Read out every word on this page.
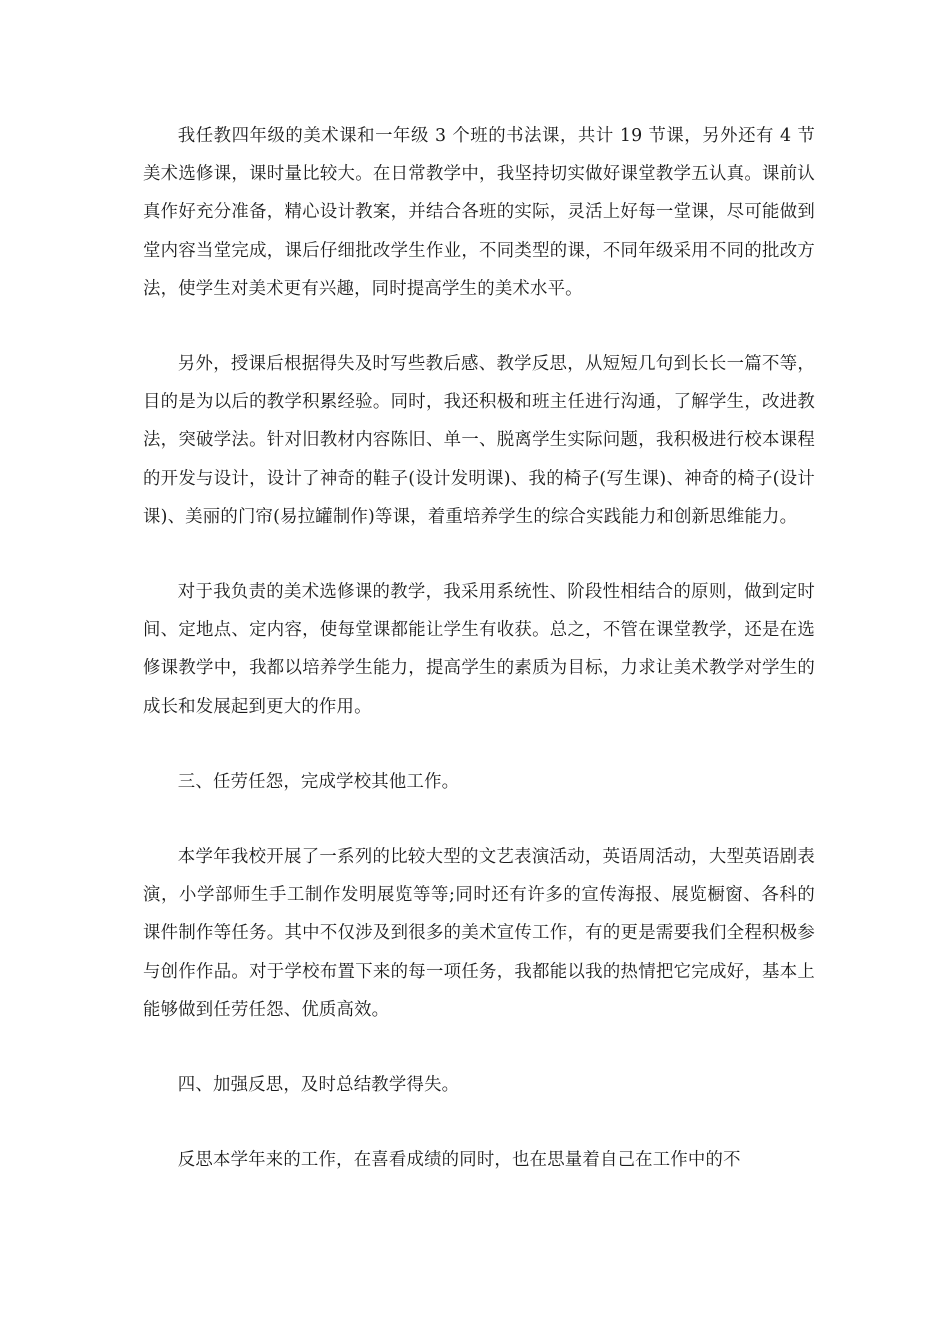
我任教四年级的美术课和一年级 3 个班的书法课，共计 19 节课，另外还有 4 节美术选修课，课时量比较大。在日常教学中，我坚持切实做好课堂教学五认真。课前认真作好充分准备，精心设计教案，并结合各班的实际，灵活上好每一堂课，尽可能做到堂内容当堂完成，课后仔细批改学生作业，不同类型的课，不同年级采用不同的批改方法，使学生对美术更有兴趣，同时提高学生的美术水平。

另外，授课后根据得失及时写些教后感、教学反思，从短短几句到长长一篇不等，目的是为以后的教学积累经验。同时，我还积极和班主任进行沟通，了解学生，改进教法，突破学法。针对旧教材内容陈旧、单一、脱离学生实际问题，我积极进行校本课程的开发与设计，设计了神奇的鞋子(设计发明课)、我的椅子(写生课)、神奇的椅子(设计课)、美丽的门帘(易拉罐制作)等课，着重培养学生的综合实践能力和创新思维能力。

对于我负责的美术选修课的教学，我采用系统性、阶段性相结合的原则，做到定时间、定地点、定内容，使每堂课都能让学生有收获。总之，不管在课堂教学，还是在选修课教学中，我都以培养学生能力，提高学生的素质为目标，力求让美术教学对学生的成长和发展起到更大的作用。

三、任劳任怨，完成学校其他工作。

本学年我校开展了一系列的比较大型的文艺表演活动，英语周活动，大型英语剧表演，小学部师生手工制作发明展览等等;同时还有许多的宣传海报、展览橱窗、各科的课件制作等任务。其中不仅涉及到很多的美术宣传工作，有的更是需要我们全程积极参与创作作品。对于学校布置下来的每一项任务，我都能以我的热情把它完成好，基本上能够做到任劳任怨、优质高效。

四、加强反思，及时总结教学得失。

反思本学年来的工作，在喜看成绩的同时，也在思量着自己在工作中的不
